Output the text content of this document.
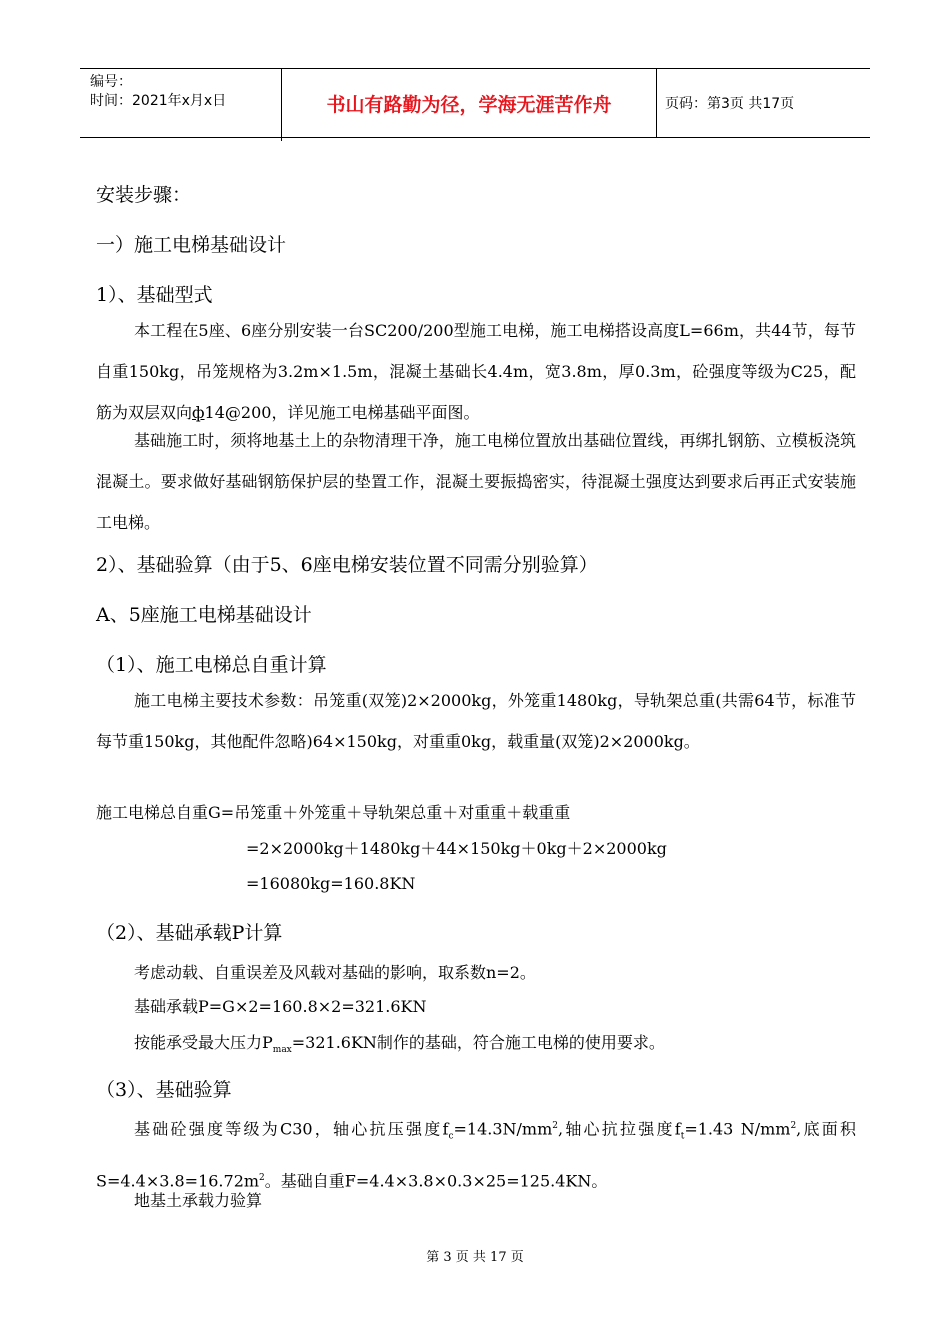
编号：
时间：2021年x月x日	书山有路勤为径，学海无涯苦作舟	页码：第3页 共17页
安装步骤：
一）施工电梯基础设计
1）、基础型式
本工程在5座、6座分别安装一台SC200/200型施工电梯，施工电梯搭设高度L=66m，共44节，每节自重150kg，吊笼规格为3.2m×1.5m，混凝土基础长4.4m，宽3.8m，厚0.3m，砼强度等级为C25，配筋为双层双向ф14@200，详见施工电梯基础平面图。
基础施工时，须将地基土上的杂物清理干净，施工电梯位置放出基础位置线，再绑扎钢筋、立模板浇筑混凝土。要求做好基础钢筋保护层的垫置工作，混凝土要振捣密实，待混凝土强度达到要求后再正式安装施工电梯。
2）、基础验算（由于5、6座电梯安装位置不同需分别验算）
A、5座施工电梯基础设计
（1）、施工电梯总自重计算
施工电梯主要技术参数：吊笼重(双笼)2×2000kg，外笼重1480kg，导轨架总重(共需64节，标准节每节重150kg，其他配件忽略)64×150kg，对重重0kg，载重量(双笼)2×2000kg。
施工电梯总自重G=吊笼重＋外笼重＋导轨架总重＋对重重＋载重重
=2×2000kg＋1480kg＋44×150kg＋0kg＋2×2000kg
=16080kg=160.8KN
（2）、基础承载P计算
考虑动载、自重误差及风载对基础的影响，取系数n=2。
基础承载P=G×2=160.8×2=321.6KN
按能承受最大压力$P_{max}=321.6KN$制作的基础，符合施工电梯的使用要求。
（3）、基础验算
基础砼强度等级为C30，轴心抗压强度$f_c=14.3N/mm^2$,轴心抗拉强度$f_t=1.43$ $N/mm^2$,底面积$S=4.4\times 3.8=16.72m^2$。基础自重F=4.4×3.8×0.3×25=125.4KN。
地基土承载力验算
第 3 页 共 17 页
